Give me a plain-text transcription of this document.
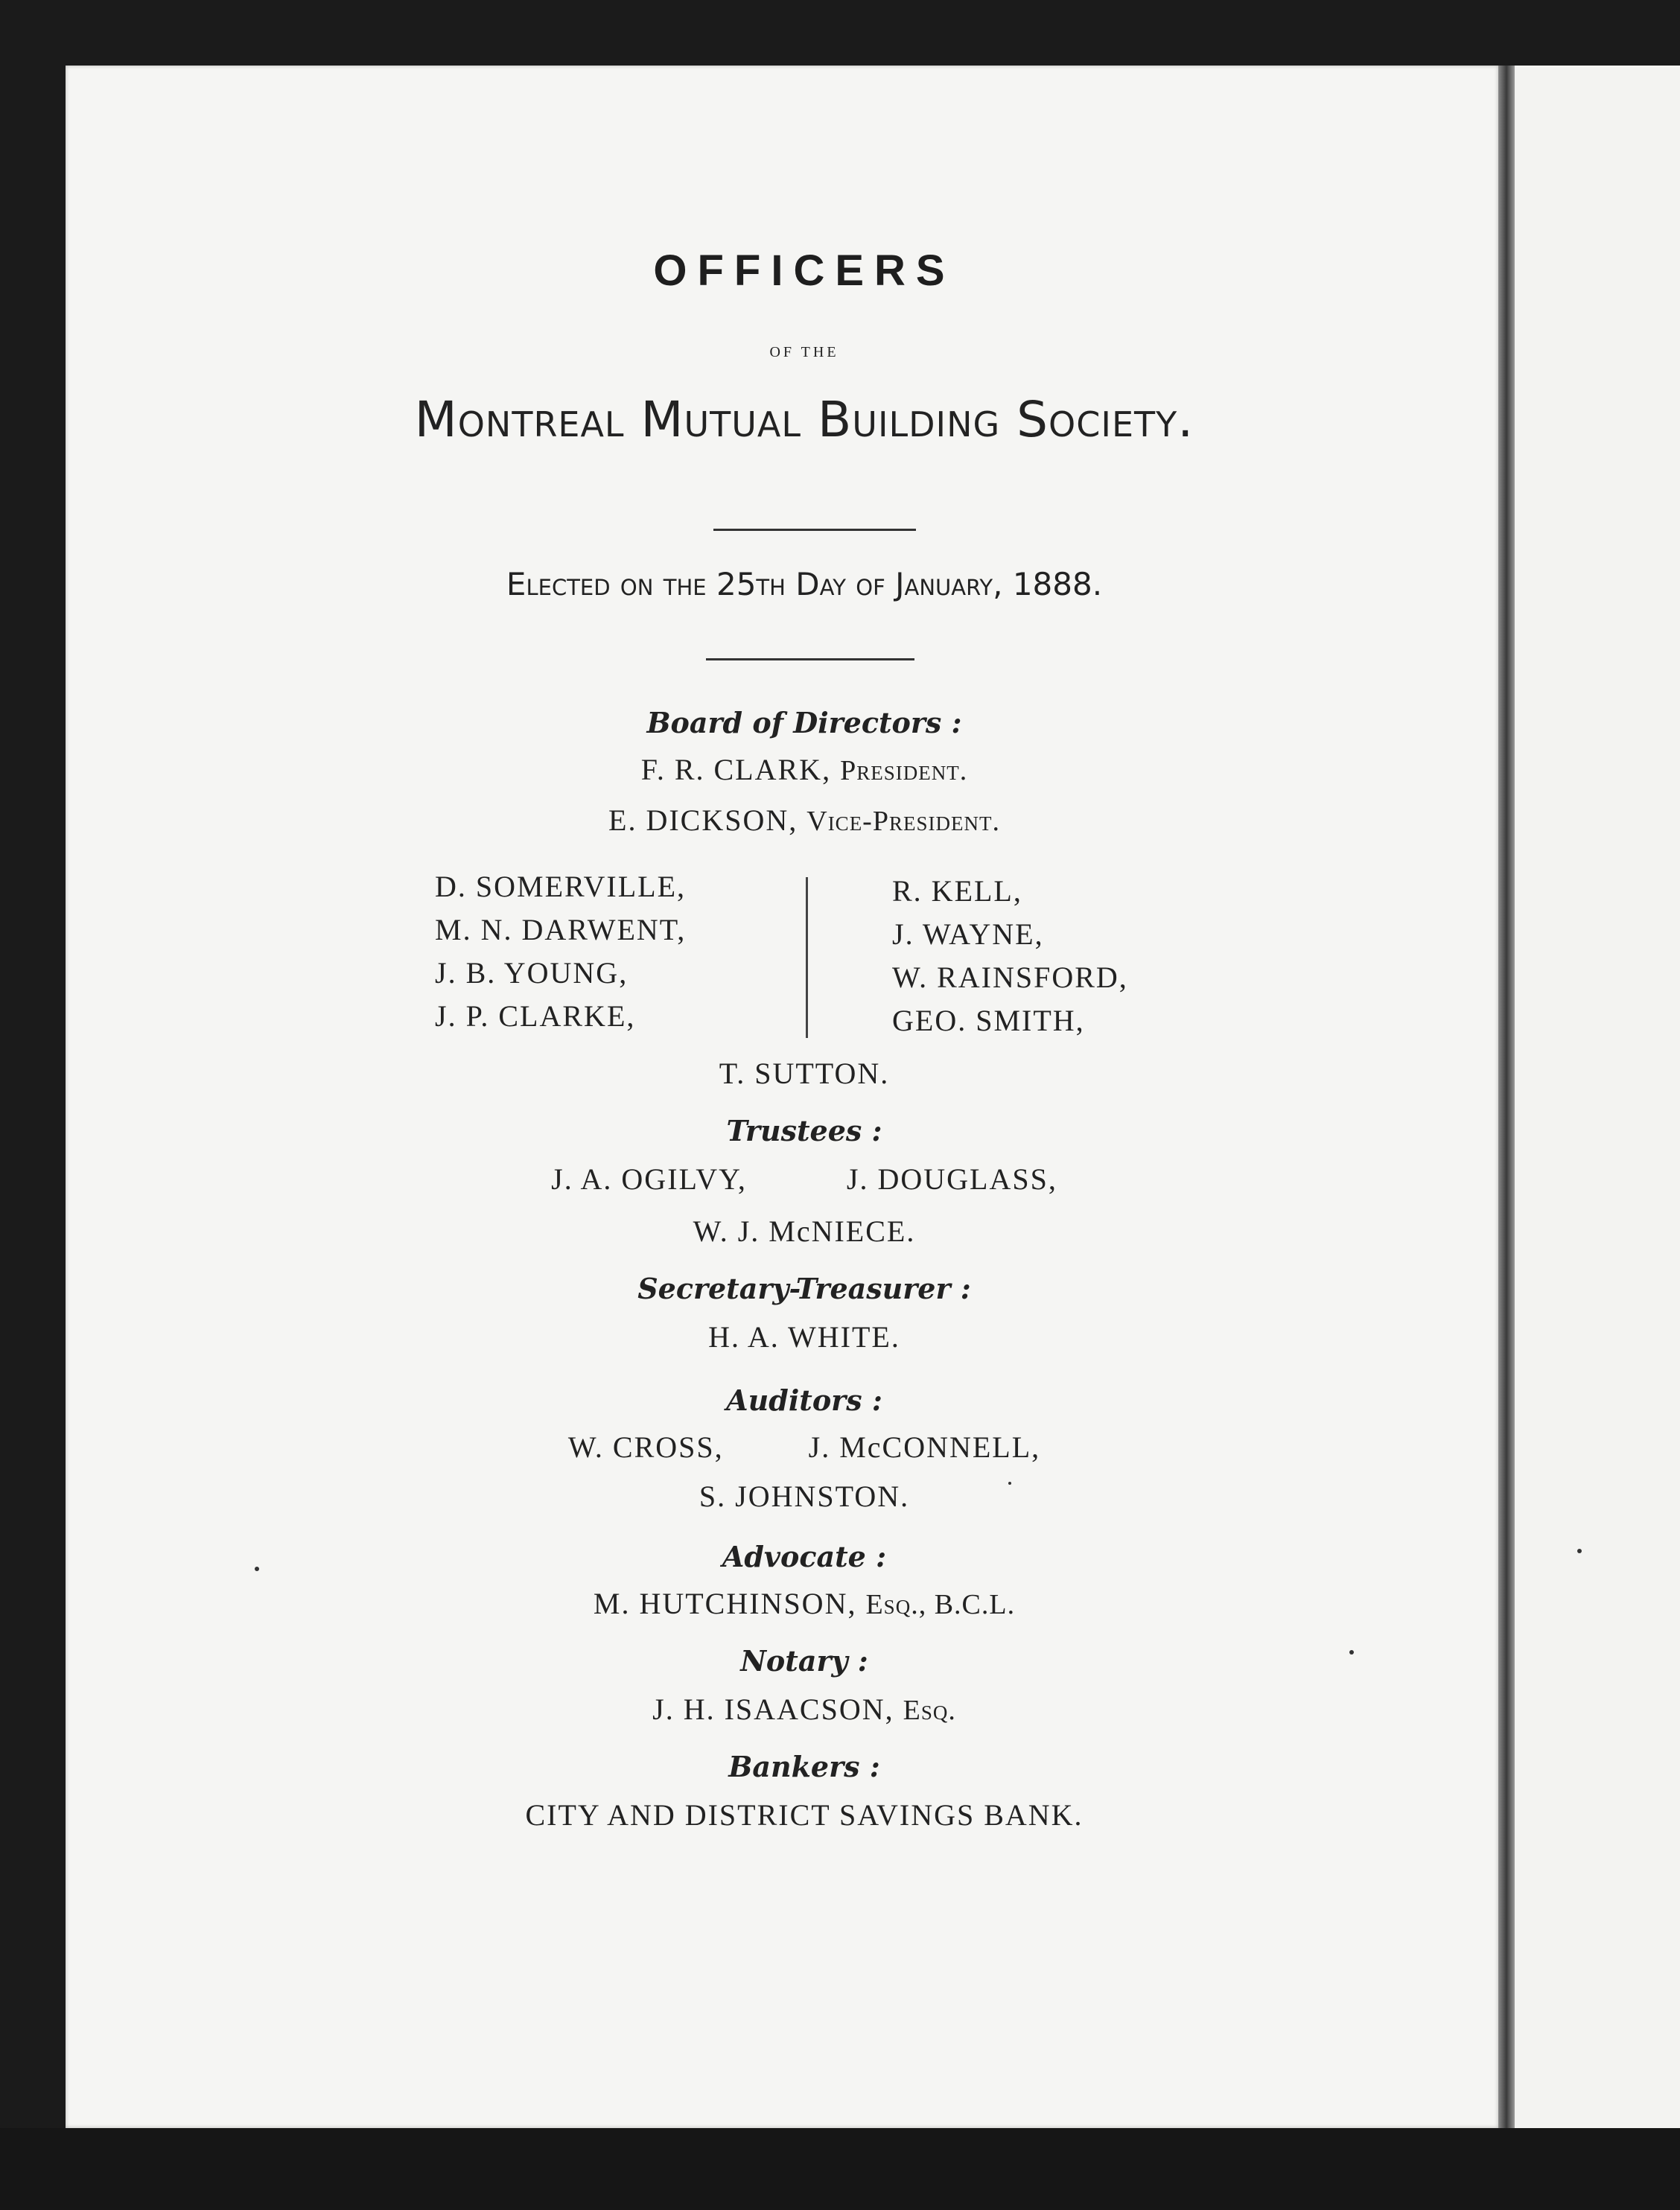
OFFICERS
OF THE
Montreal Mutual Building Society.
Elected on the 25th Day of January, 1888.
Board of Directors :
F. R. CLARK, President.
E. DICKSON, Vice-President.
D. SOMERVILLE,
M. N. DARWENT,
J. B. YOUNG,
J. P. CLARKE,
R. KELL,
J. WAYNE,
W. RAINSFORD,
GEO. SMITH,
T. SUTTON.
Trustees :
J. A. OGILVY,	J. DOUGLASS,
W. J. McNIECE.
Secretary-Treasurer :
H. A. WHITE.
Auditors :
W. CROSS,	J. McCONNELL,
S. JOHNSTON.
Advocate :
M. HUTCHINSON, Esq., B.C.L.
Notary :
J. H. ISAACSON, Esq.
Bankers :
CITY AND DISTRICT SAVINGS BANK.
